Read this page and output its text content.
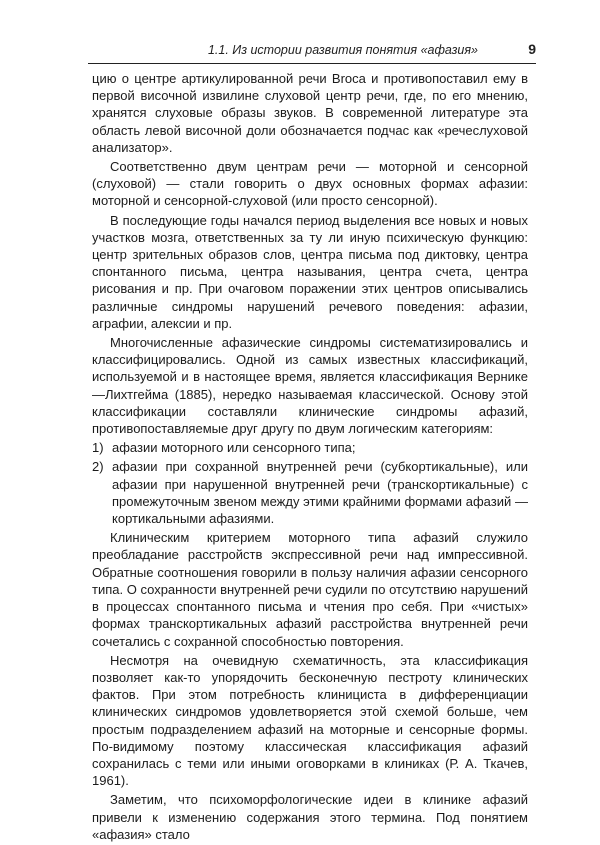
1.1. Из истории развития понятия «афазия»	9

цию о центре артикулированной речи Broca и противопоставил ему в первой височной извилине слуховой центр речи, где, по его мнению, хранятся слуховые образы звуков. В современной литературе эта область левой височной доли обозначается подчас как «речеслуховой анализатор».

Соответственно двум центрам речи — моторной и сенсорной (слуховой) — стали говорить о двух основных формах афазии: моторной и сенсорной-слуховой (или просто сенсорной).

В последующие годы начался период выделения все новых и новых участков мозга, ответственных за ту ли иную психическую функцию: центр зрительных образов слов, центра письма под диктовку, центра спонтанного письма, центра называния, центра счета, центра рисования и пр. При очаговом поражении этих центров описывались различные синдромы нарушений речевого поведения: афазии, аграфии, алексии и пр.

Многочисленные афазические синдромы систематизировались и классифицировались. Одной из самых известных классификаций, используемой и в настоящее время, является классификация Вернике—Лихтгейма (1885), нередко называемая классической. Основу этой классификации составляли клинические синдромы афазий, противопоставляемые друг другу по двум логическим категориям:

1) афазии моторного или сенсорного типа;
2) афазии при сохранной внутренней речи (субкортикальные), или афазии при нарушенной внутренней речи (транскортикальные) с промежуточным звеном между этими крайними формами афазий — кортикальными афазиями.

Клиническим критерием моторного типа афазий служило преобладание расстройств экспрессивной речи над импрессивной. Обратные соотношения говорили в пользу наличия афазии сенсорного типа. О сохранности внутренней речи судили по отсутствию нарушений в процессах спонтанного письма и чтения про себя. При «чистых» формах транскортикальных афазий расстройства внутренней речи сочетались с сохранной способностью повторения.

Несмотря на очевидную схематичность, эта классификация позволяет как-то упорядочить бесконечную пестроту клинических фактов. При этом потребность клинициста в дифференциации клинических синдромов удовлетворяется этой схемой больше, чем простым подразделением афазий на моторные и сенсорные формы. По-видимому поэтому классическая классификация афазий сохранилась с теми или иными оговорками в клиниках (Р. А. Ткачев, 1961).

Заметим, что психоморфологические идеи в клинике афазий привели к изменению содержания этого термина. Под понятием «афазия» стало
